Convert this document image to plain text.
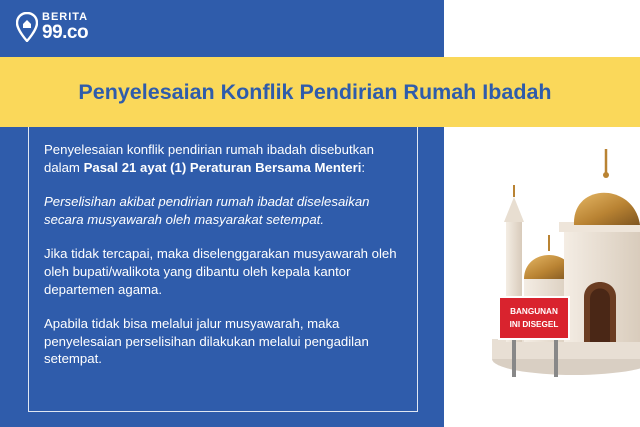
BERITA
99.co
Penyelesaian Konflik Pendirian Rumah Ibadah

Penyelesaian konflik pendirian rumah ibadah disebutkan dalam Pasal 21 ayat (1) Peraturan Bersama Menteri:

Perselisihan akibat pendirian rumah ibadat diselesaikan secara musyawarah oleh masyarakat setempat.

Jika tidak tercapai, maka diselenggarakan musyawarah oleh oleh bupati/walikota yang dibantu oleh kepala kantor departemen agama.

Apabila tidak bisa melalui jalur musyawarah, maka penyelesaian perselisihan dilakukan melalui pengadilan setempat.

BANGUNAN
INI DISEGEL
